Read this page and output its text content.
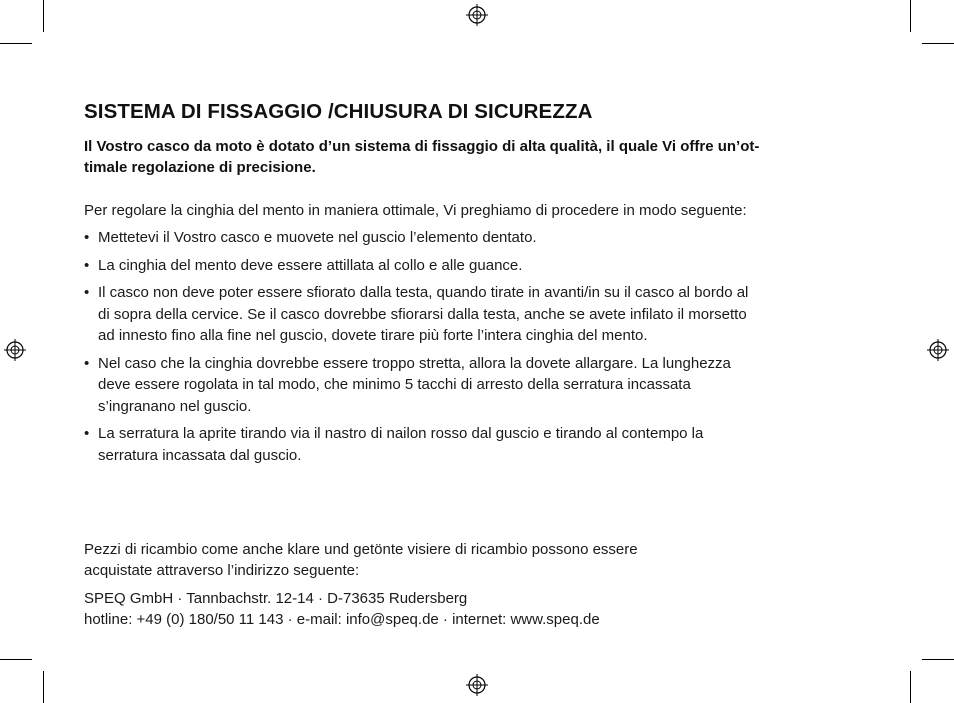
SISTEMA DI FISSAGGIO /CHIUSURA DI SICUREZZA

Il Vostro casco da moto è dotato d’un sistema di fissaggio di alta qualità, il quale Vi offre un’ot-
timale regolazione di precisione.

Per regolare la cinghia del mento in maniera ottimale, Vi preghiamo di procedere in modo seguente:

• Mettetevi il Vostro casco e muovete nel guscio l’elemento dentato.
• La cinghia del mento deve essere attillata al collo e alle guance.
• Il casco non deve poter essere sfiorato dalla testa, quando tirate in avanti/in su il casco al bordo al
di sopra della cervice. Se il casco dovrebbe sfiorarsi dalla testa, anche se avete infilato il morsetto
ad innesto fino alla fine nel guscio, dovete tirare più forte l’intera cinghia del mento.
• Nel caso che la cinghia dovrebbe essere troppo stretta, allora la dovete allargare. La lunghezza
deve essere rogolata in tal modo, che minimo 5 tacchi di arresto della serratura incassata
s’ingranano nel guscio.
• La serratura la aprite tirando via il nastro di nailon rosso dal guscio e tirando al contempo la
serratura incassata dal guscio.

Pezzi di ricambio come anche klare und getönte visiere di ricambio possono essere
acquistate attraverso l’indirizzo seguente:

SPEQ GmbH · Tannbachstr. 12-14 · D-73635 Rudersberg

hotline: +49 (0) 180/50 11 143 · e-mail: info@speq.de · internet: www.speq.de
